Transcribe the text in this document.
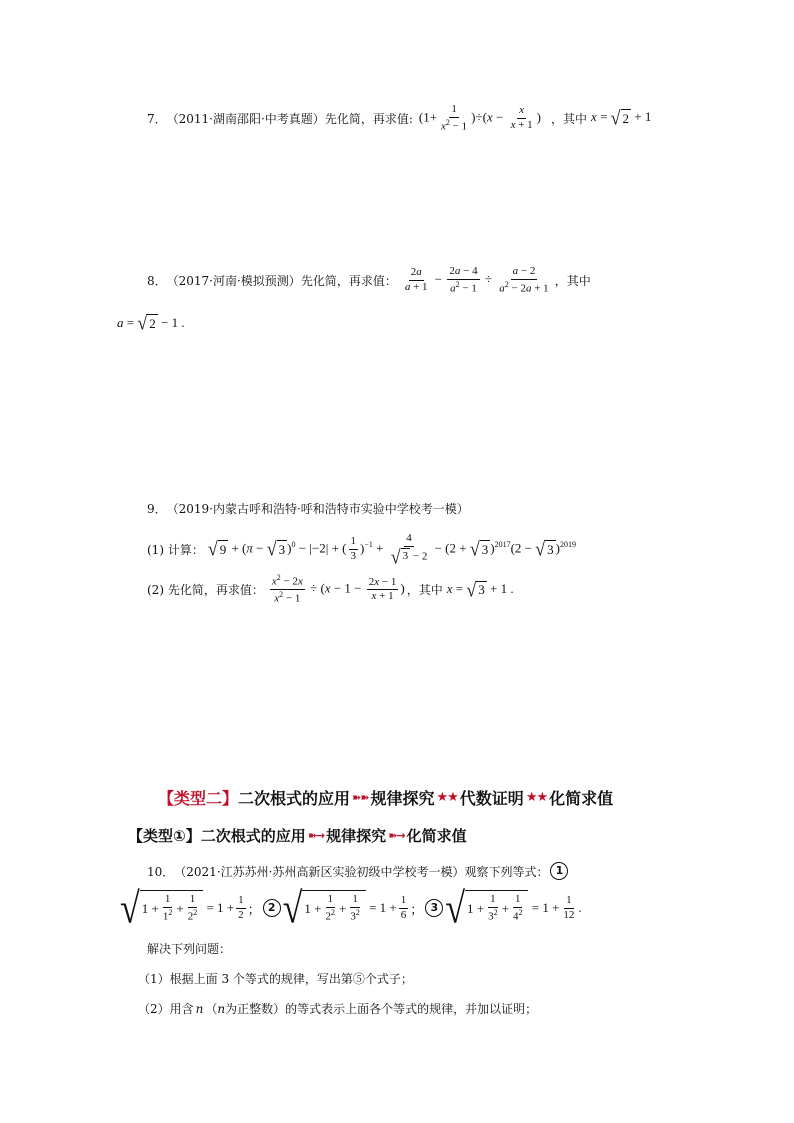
7． （2011·湖南邵阳·中考真题） 先化简，再求值: $(1+ \frac{1}{x^2 - 1} )\div(x - \frac{x}{x + 1}$ ) ，其中 x = √ 2 + 1
8． （2017·河南·模拟预测） 先化简，再求值： $\frac{2a}{a + 1} - \frac{2a - 4}{a^2 - 1} \div \frac{a - 2}{a^2 - 2a + 1}$ ，其中
a = √ 2 − 1 .
9． （2019·内蒙古呼和浩特·呼和浩特市实验中学校考一模）
(1) 计算： √ 9 + (π − √ 3 )$^0$ − |−2| + ( $\frac{1}{3} )^{-1} + \frac{4}{√ 3 - 2} - (2$ + √ 3 )$^{2017}$(2 − √ 3 )$^{2019}$
(2) 先化简，再求值： $\frac{x^2 - 2x}{x^2 - 1} \div (x - 1 - \frac{2x - 1}{x + 1}$ ) ，其中 x = √ 3 + 1 .
【类型二】 二次根式的应用 ➽➽ 规律探究 ★★ 代数证明 ★★ 化简求值
【类型①】 二次根式的应用 ➽→ 规律探究 ➽→ 化简求值
10． （2021·江苏苏州·苏州高新区实验初级中学校考一模） 观察下列等式： 1
√ $1 + \frac{1}{1^2} + \frac{1}{2^2} = 1 + \frac{1}{2}$ ； 2 √ $1 + \frac{1}{2^2} + \frac{1}{3^2} = 1 + \frac{1}{6}$ ； 3 √ $1 + \frac{1}{3^2} + \frac{1}{4^2} = 1 + \frac{1}{12}$ .
解决下列问题：
（1）根据上面 3 个等式的规律，写出第⑤个式子；
（2）用含 n （ n 为正整数）的等式表示上面各个等式的规律，并加以证明；
